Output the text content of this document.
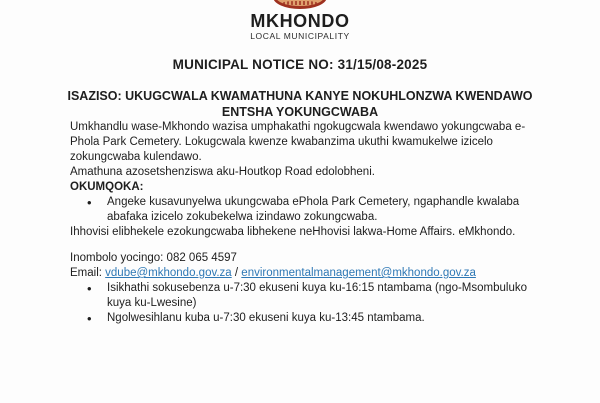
MKHONDO
LOCAL MUNICIPALITY
MUNICIPAL NOTICE NO: 31/15/08-2025
ISAZISO: UKUGCWALA KWAMATHUNA KANYE NOKUHLONZWA KWENDAWO ENTSHA YOKUNGCWABA

Umkhandlu wase-Mkhondo wazisa umphakathi ngokugcwala kwendawo yokungcwaba e-Phola Park Cemetery. Lokugcwala kwenze kwabanzima ukuthi kwamukelwe izicelo zokungcwaba kulendawo.

Amathuna azosetshenziswa aku-Houtkop Road edolobheni.

OKUMQOKA:

• Angeke kusavunyelwa ukungcwaba ePhola Park Cemetery, ngaphandle kwalaba abafaka izicelo zokubekelwa izindawo zokungcwaba.

Ihhovisi elibhekele ezokungcwaba libhekene neHhovisi lakwa-Home Affairs. eMkhondo.

Inombolo yocingo: 082 065 4597

Email: vdube@mkhondo.gov.za / environmentalmanagement@mkhondo.gov.za

• Isikhathi sokusebenza u-7:30 ekuseni kuya ku-16:15 ntambama (ngo-Msombuluko kuya ku-Lwesine)
• Ngolwesihlanu kuba u-7:30 ekuseni kuya ku-13:45 ntambama.
